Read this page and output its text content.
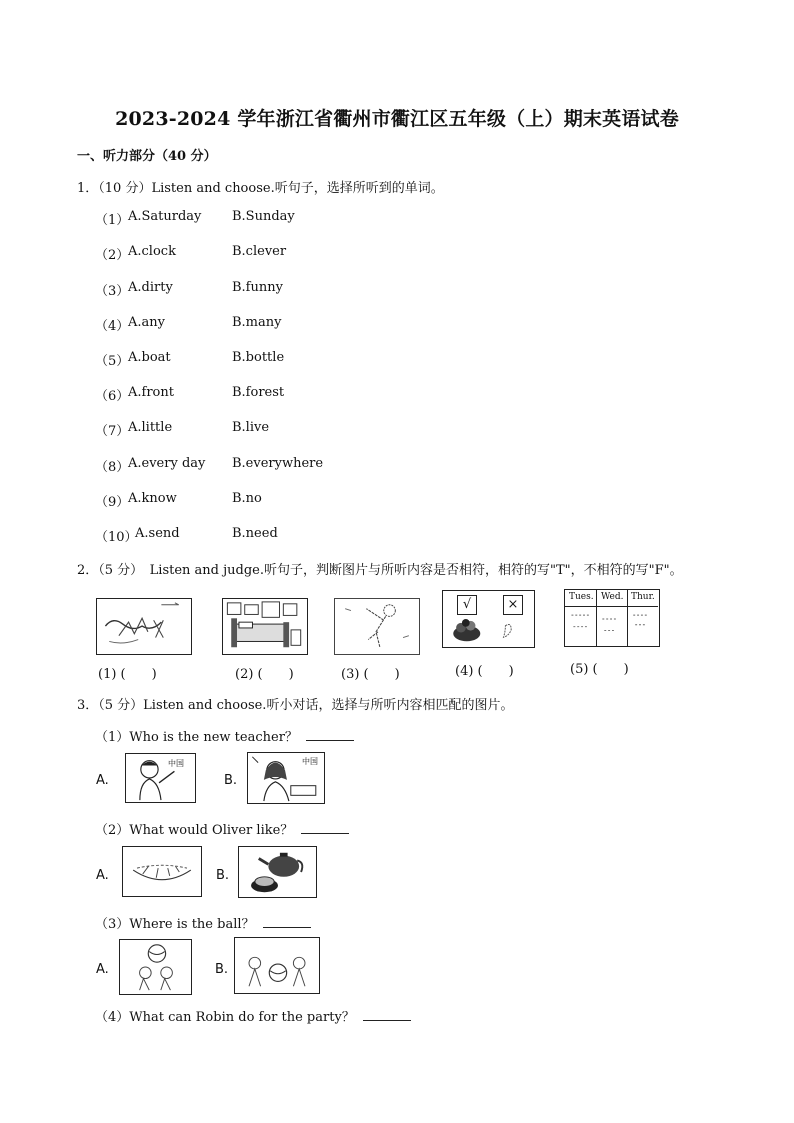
2023-2024 学年浙江省衢州市衢江区五年级（上）期末英语试卷
一、听力部分（40 分）
1．（10 分）Listen and choose.听句子，选择所听到的单词。
（1）
A.Saturday B.Sunday
（2）
A.clock	B.clever
（3）
A.dirty	B.funny
（4）
A.any	B.many
（5）
A.boat	B.bottle
（6）
A.front	B.forest
（7）
A.little	B.live
（8）
A.every day B.everywhere
（9）
A.know	B.no
（10）
A.send	B.need
2．（5 分）　Listen and judge.听句子，判断图片与所听内容是否相符，相符的写"T"，不相符的写"F"。
√	×	Tues. Wed. Thur.
(1) (　　)	(2) (　　)	(3) (　　)	(4) (　　)	(5) (　　)
3．（5 分）Listen and choose.听小对话，选择与所听内容相匹配的图片。
（1）Who is the new teacher？
A.
中国
B.
中国
（2）What would Oliver like？
A.	B.
（3）Where is the ball？
A.	B.
（4）What can Robin do for the party？
